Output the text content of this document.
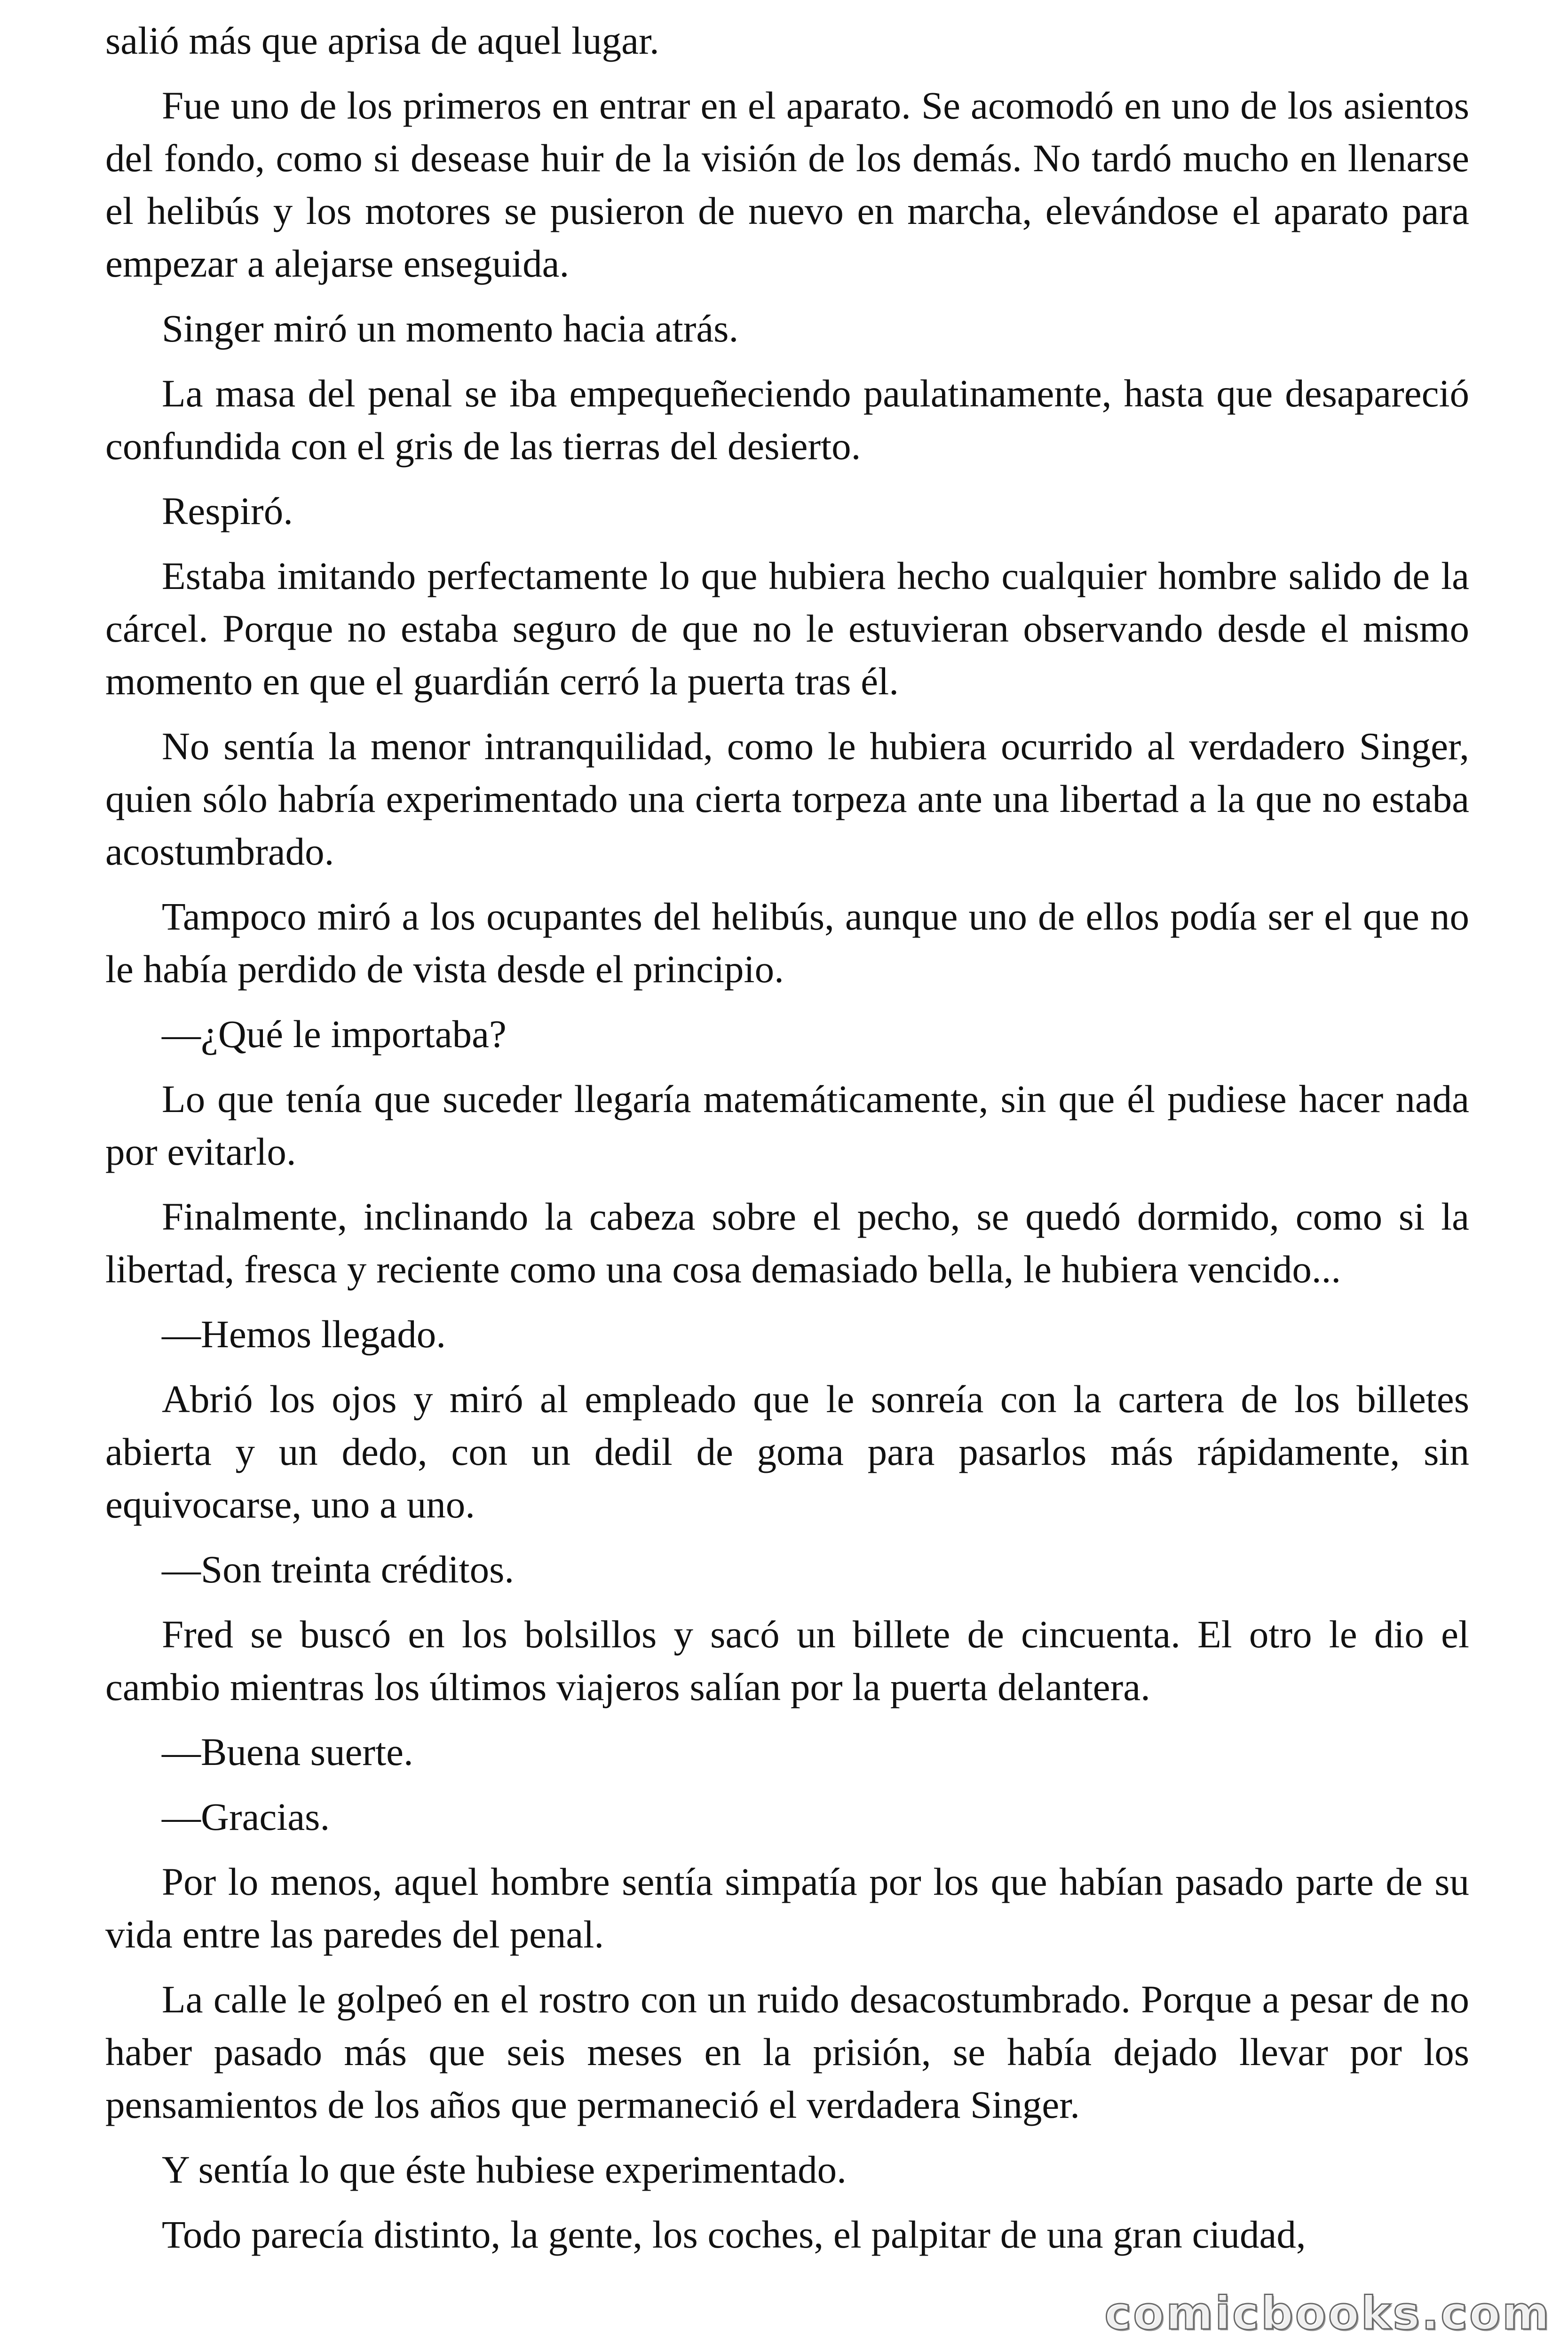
salió más que aprisa de aquel lugar.

Fue uno de los primeros en entrar en el aparato. Se acomodó en uno de los asientos del fondo, como si desease huir de la visión de los demás. No tardó mucho en llenarse el helibús y los motores se pusieron de nuevo en marcha, elevándose el aparato para empezar a alejarse enseguida.

Singer miró un momento hacia atrás.

La masa del penal se iba empequeñeciendo paulatinamente, hasta que desapareció confundida con el gris de las tierras del desierto.

Respiró.

Estaba imitando perfectamente lo que hubiera hecho cualquier hombre salido de la cárcel. Porque no estaba seguro de que no le estuvieran observando desde el mismo momento en que el guardián cerró la puerta tras él.

No sentía la menor intranquilidad, como le hubiera ocurrido al verdadero Singer, quien sólo habría experimentado una cierta torpeza ante una libertad a la que no estaba acostumbrado.

Tampoco miró a los ocupantes del helibús, aunque uno de ellos podía ser el que no le había perdido de vista desde el principio.

—¿Qué le importaba?

Lo que tenía que suceder llegaría matemáticamente, sin que él pudiese hacer nada por evitarlo.

Finalmente, inclinando la cabeza sobre el pecho, se quedó dormido, como si la libertad, fresca y reciente como una cosa demasiado bella, le hubiera vencido...

—Hemos llegado.

Abrió los ojos y miró al empleado que le sonreía con la cartera de los billetes abierta y un dedo, con un dedil de goma para pasarlos más rápidamente, sin equivocarse, uno a uno.

—Son treinta créditos.

Fred se buscó en los bolsillos y sacó un billete de cincuenta. El otro le dio el cambio mientras los últimos viajeros salían por la puerta delantera.

—Buena suerte.

—Gracias.

Por lo menos, aquel hombre sentía simpatía por los que habían pasado parte de su vida entre las paredes del penal.

La calle le golpeó en el rostro con un ruido desacostumbrado. Porque a pesar de no haber pasado más que seis meses en la prisión, se había dejado llevar por los pensamientos de los años que permaneció el verdadera Singer.

Y sentía lo que éste hubiese experimentado.

Todo parecía distinto, la gente, los coches, el palpitar de una gran ciudad,

comicbooks.com
